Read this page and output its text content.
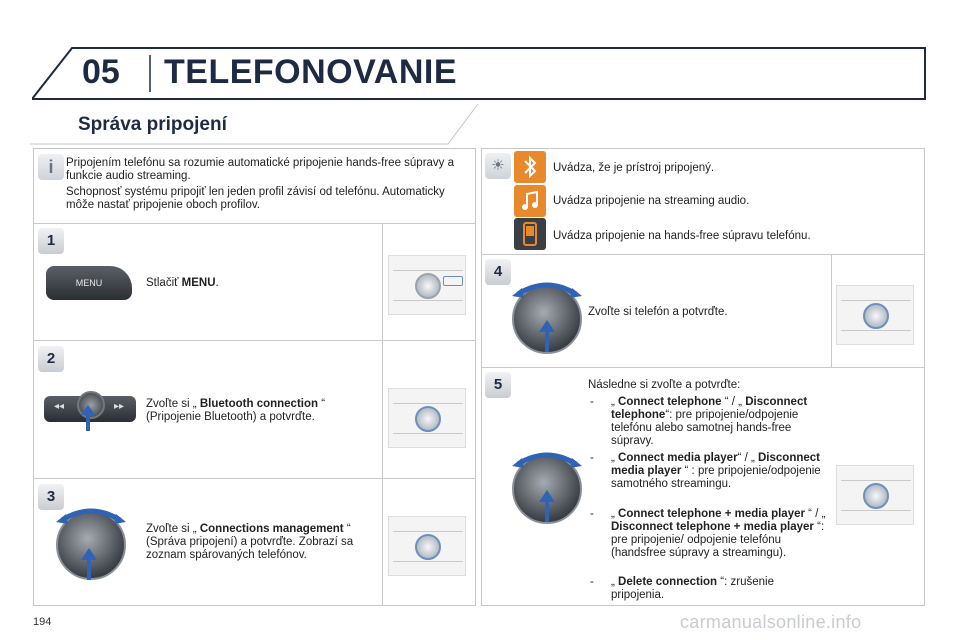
05 TELEFONOVANIE
Správa pripojení
i	Pripojením telefónu sa rozumie automatické pripojenie hands-free súpravy a funkcie audio streaming.
Schopnosť systému pripojiť len jeden profil závisí od telefónu. Automaticky môže nastať pripojenie oboch profilov.
1
MENU	Stlačiť MENU.
2
◂◂	▸▸ Zvoľte si „ Bluetooth connection “ (Pripojenie Bluetooth) a potvrďte.
3
Zvoľte si „ Connections management “ (Správa pripojení) a potvrďte. Zobrazí sa zoznam spárovaných telefónov.
☀	Uvádza, že je prístroj pripojený.
Uvádza pripojenie na streaming audio.
Uvádza pripojenie na hands-free súpravu telefónu.
4
Zvoľte si telefón a potvrďte.
5	Následne si zvoľte a potvrďte:
- „ Connect telephone “ / „ Disconnect telephone“: pre pripojenie/odpojenie telefónu alebo samotnej hands-free súpravy.
- „ Connect media player“ / „ Disconnect media player “ : pre pripojenie/odpojenie samotného streamingu.
- „ Connect telephone + media player “ / „ Disconnect telephone + media player “: pre pripojenie/ odpojenie telefónu (handsfree súpravy a streamingu).
- „ Delete connection “: zrušenie pripojenia.
194	carmanualsonline.info
